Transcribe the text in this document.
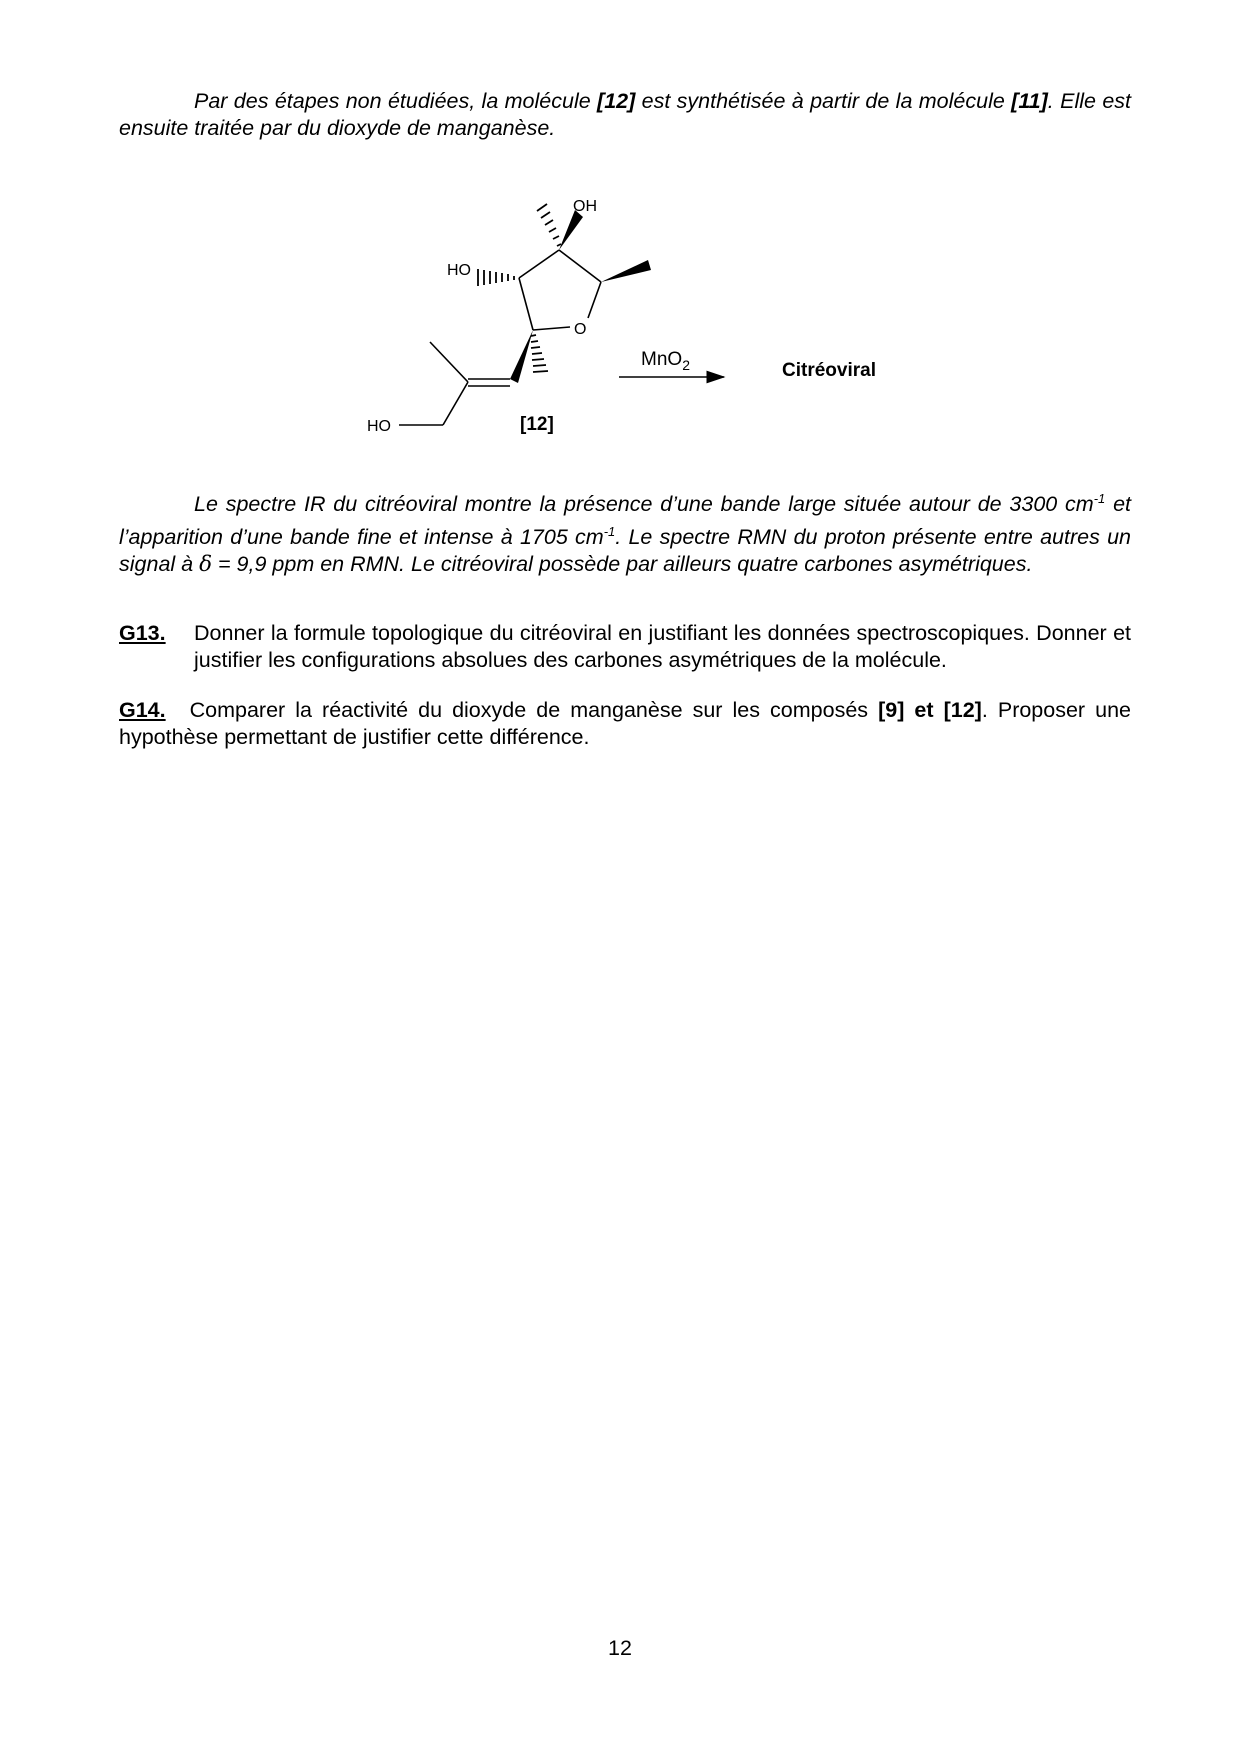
Par des étapes non étudiées, la molécule [12] est synthétisée à partir de la molécule [11]. Elle est ensuite traitée par du dioxyde de manganèse.

OH
HO
O
HO	[12]
MnO$_2$	Citréoviral

Le spectre IR du citréoviral montre la présence d’une bande large située autour de 3300 $cm^{-1}$ et l’apparition d’une bande fine et intense à 1705 $cm^{-1}$. Le spectre RMN du proton présente entre autres un signal à δ = 9,9 ppm en RMN. Le citréoviral possède par ailleurs quatre carbones asymétriques.

G13. Donner la formule topologique du citréoviral en justifiant les données spectroscopiques. Donner et justifier les configurations absolues des carbones asymétriques de la molécule.

G14. Comparer la réactivité du dioxyde de manganèse sur les composés [9] et [12]. Proposer une hypothèse permettant de justifier cette différence.

12
